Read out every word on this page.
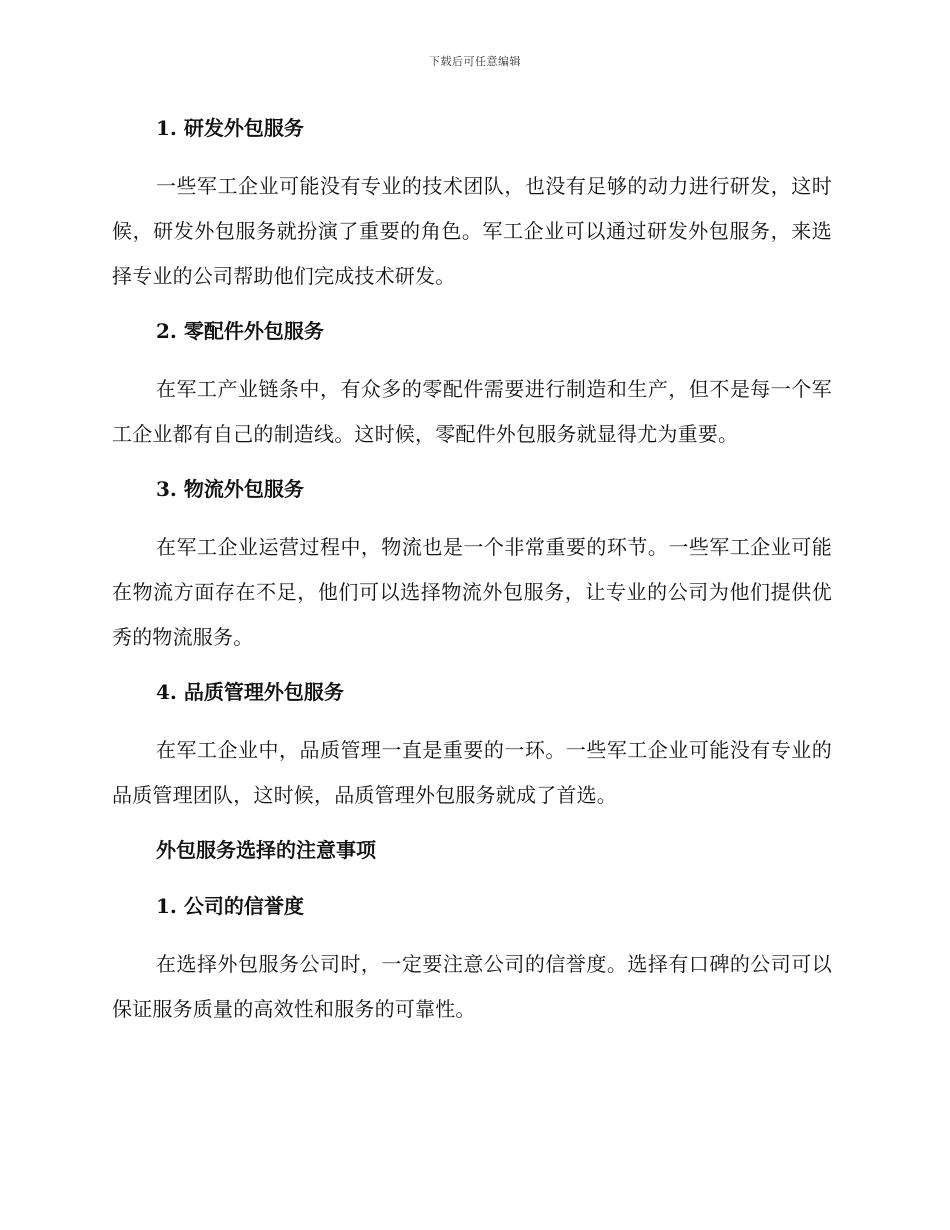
下载后可任意编辑
1. 研发外包服务

一些军工企业可能没有专业的技术团队，也没有足够的动力进行研发，这时候，研发外包服务就扮演了重要的角色。军工企业可以通过研发外包服务，来选择专业的公司帮助他们完成技术研发。

2. 零配件外包服务

在军工产业链条中，有众多的零配件需要进行制造和生产，但不是每一个军工企业都有自己的制造线。这时候，零配件外包服务就显得尤为重要。

3. 物流外包服务

在军工企业运营过程中，物流也是一个非常重要的环节。一些军工企业可能在物流方面存在不足，他们可以选择物流外包服务，让专业的公司为他们提供优秀的物流服务。

4. 品质管理外包服务

在军工企业中，品质管理一直是重要的一环。一些军工企业可能没有专业的品质管理团队，这时候，品质管理外包服务就成了首选。

外包服务选择的注意事项
1. 公司的信誉度

在选择外包服务公司时，一定要注意公司的信誉度。选择有口碑的公司可以保证服务质量的高效性和服务的可靠性。
